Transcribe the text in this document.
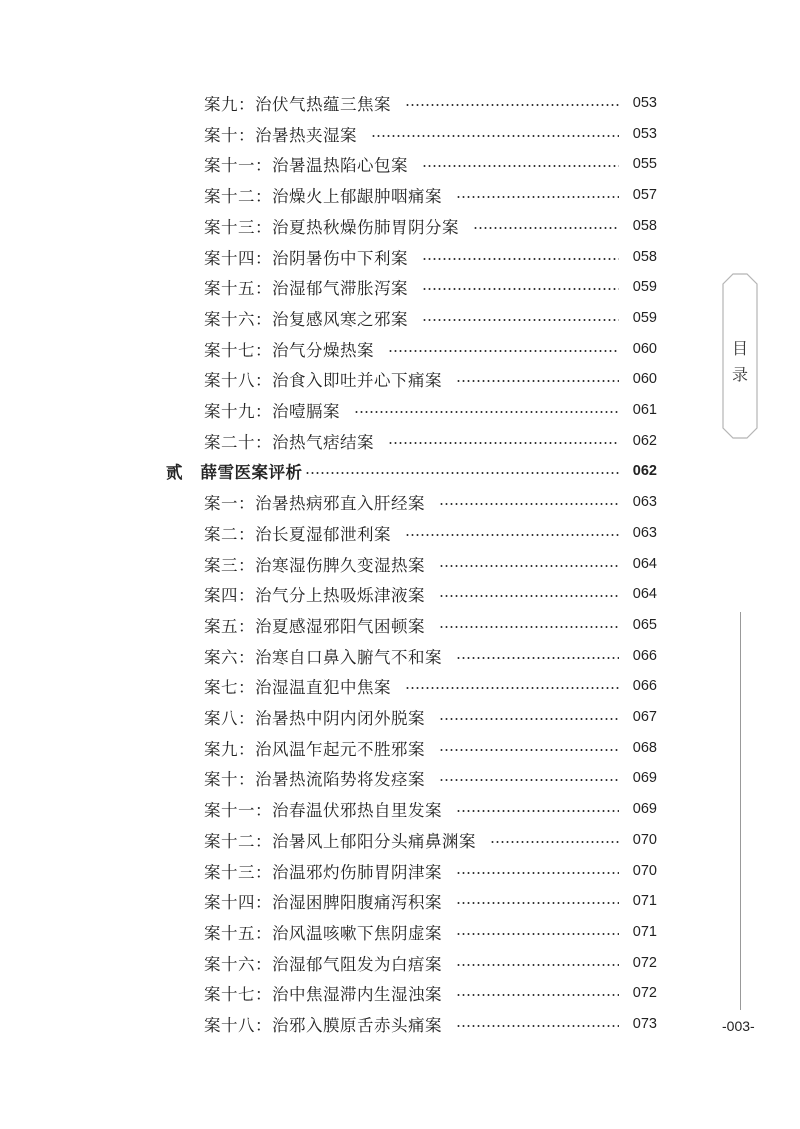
案九：治伏气热蕴三焦案	053
案十：治暑热夹湿案	053
案十一：治暑温热陷心包案	055
案十二：治燥火上郁龈肿咽痛案	057
案十三：治夏热秋燥伤肺胃阴分案	058
案十四：治阴暑伤中下利案	058
案十五：治湿郁气滞胀泻案	059
案十六：治复感风寒之邪案	059
案十七：治气分燥热案	060
案十八：治食入即吐并心下痛案	060
案十九：治噎膈案	061
案二十：治热气痞结案	062
贰 薛雪医案评析	062
案一：治暑热病邪直入肝经案	063
案二：治长夏湿郁泄利案	063
案三：治寒湿伤脾久变湿热案	064
案四：治气分上热吸烁津液案	064
案五：治夏感湿邪阳气困顿案	065
案六：治寒自口鼻入腑气不和案	066
案七：治湿温直犯中焦案	066
案八：治暑热中阴内闭外脱案	067
案九：治风温乍起元不胜邪案	068
案十：治暑热流陷势将发痉案	069
案十一：治春温伏邪热自里发案	069
案十二：治暑风上郁阳分头痛鼻渊案	070
案十三：治温邪灼伤肺胃阴津案	070
案十四：治湿困脾阳腹痛泻积案	071
案十五：治风温咳嗽下焦阴虚案	071
案十六：治湿郁气阻发为白痦案	072
案十七：治中焦湿滞内生湿浊案	072
案十八：治邪入膜原舌赤头痛案	073
目
录
-003-
